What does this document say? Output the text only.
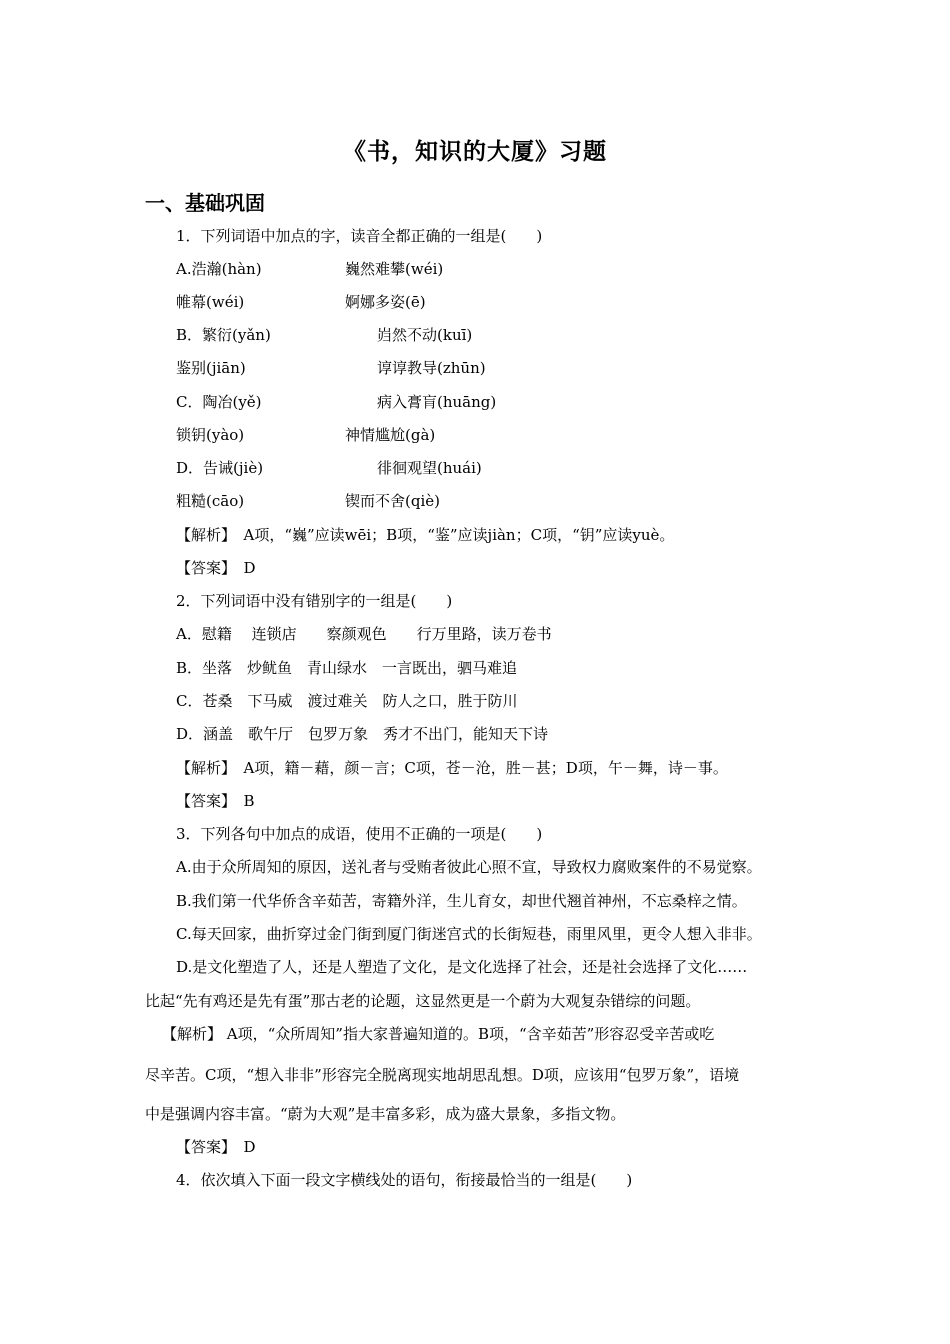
《书，知识的大厦》习题
一、基础巩固
1．下列词语中加点的字，读音全都正确的一组是(　　)
A.浩瀚(hàn)	巍然难攀(wéi)
帷幕(wéi)	婀娜多姿(ē)
B．繁衍(yǎn)	岿然不动(kuī)
鉴别(jiān)	谆谆教导(zhūn)
C．陶冶(yě)	病入膏肓(huāng)
锁钥(yào)	神情尴尬(gà)
D．告诫(jiè)	徘徊观望(huái)
粗糙(cāo)	锲而不舍(qiè)
【解析】　A项，“巍”应读wēi；B项，“鉴”应读jiàn；C项，“钥”应读yuè。
【答案】　D
2．下列词语中没有错别字的一组是(　　)
A．慰籍　 连锁店　　察颜观色　　行万里路，读万卷书
B．坐落　炒鱿鱼　青山绿水　一言既出，驷马难追
C．苍桑　下马威　渡过难关　防人之口，胜于防川
D．涵盖　歌午厅　包罗万象　秀才不出门，能知天下诗
【解析】　A项，籍－藉，颜－言；C项，苍－沧，胜－甚；D项，午－舞，诗－事。
【答案】　B
3．下列各句中加点的成语，使用不正确的一项是(　　)
A.由于众所周知的原因，送礼者与受贿者彼此心照不宣，导致权力腐败案件的不易觉察。
B.我们第一代华侨含辛茹苦，寄籍外洋，生儿育女，却世代翘首神州，不忘桑梓之情。
C.每天回家，曲折穿过金门街到厦门街迷宫式的长街短巷，雨里风里，更令人想入非非。
D.是文化塑造了人，还是人塑造了文化，是文化选择了社会，还是社会选择了文化……
比起“先有鸡还是先有蛋”那古老的论题，这显然更是一个蔚为大观复杂错综的问题。
【解析】 A项，“众所周知”指大家普遍知道的。B项，“含辛茹苦”形容忍受辛苦或吃
尽辛苦。C项，“想入非非”形容完全脱离现实地胡思乱想。D项，应该用“包罗万象”，语境
中是强调内容丰富。“蔚为大观”是丰富多彩，成为盛大景象，多指文物。
【答案】　D
4．依次填入下面一段文字横线处的语句，衔接最恰当的一组是(　　)
